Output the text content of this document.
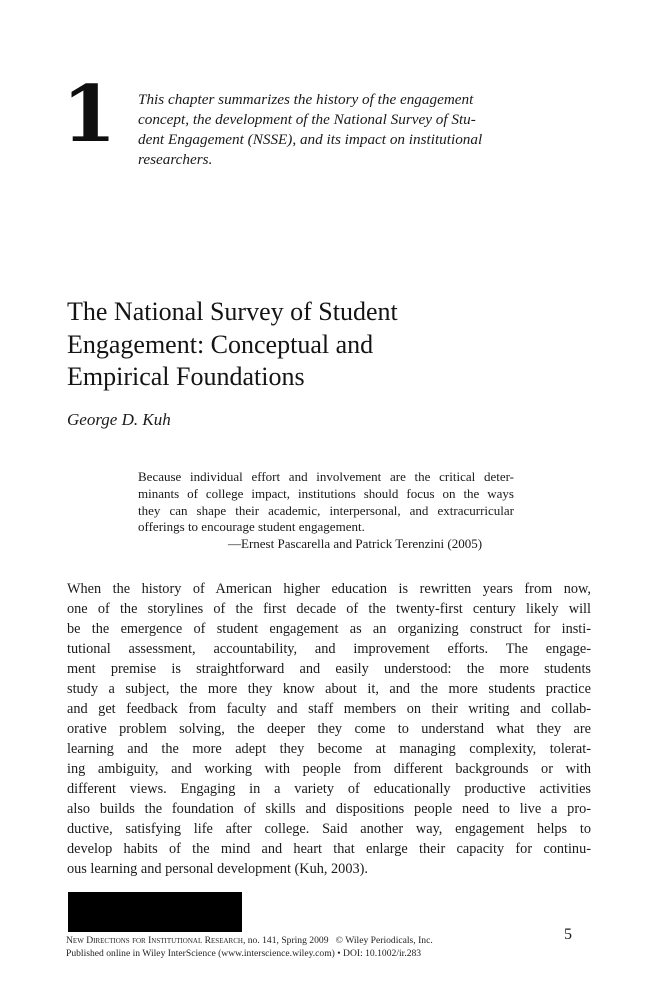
1 This chapter summarizes the history of the engagement
concept, the development of the National Survey of Stu-
dent Engagement (NSSE), and its impact on institutional
researchers.
The National Survey of Student
Engagement: Conceptual and
Empirical Foundations
George D. Kuh
Because individual effort and involvement are the critical deter-
minants of college impact, institutions should focus on the ways
they can shape their academic, interpersonal, and extracurricular
offerings to encourage student engagement.
—Ernest Pascarella and Patrick Terenzini (2005)
When the history of American higher education is rewritten years from now,
one of the storylines of the first decade of the twenty-first century likely will
be the emergence of student engagement as an organizing construct for insti-
tutional assessment, accountability, and improvement efforts. The engage-
ment premise is straightforward and easily understood: the more students
study a subject, the more they know about it, and the more students practice
and get feedback from faculty and staff members on their writing and collab-
orative problem solving, the deeper they come to understand what they are
learning and the more adept they become at managing complexity, tolerat-
ing ambiguity, and working with people from different backgrounds or with
different views. Engaging in a variety of educationally productive activities
also builds the foundation of skills and dispositions people need to live a pro-
ductive, satisfying life after college. Said another way, engagement helps to
develop habits of the mind and heart that enlarge their capacity for continu-
ous learning and personal development (Kuh, 2003).
New Directions for Institutional Research, no. 141, Spring 2009  © Wiley Periodicals, Inc.
Published online in Wiley InterScience (www.interscience.wiley.com) • DOI: 10.1002/ir.283
5
